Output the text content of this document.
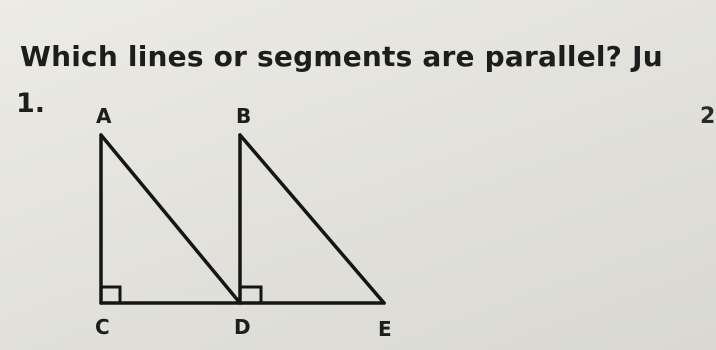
Which lines or segments are parallel? Ju

1.	2
A	B
C	D	E
